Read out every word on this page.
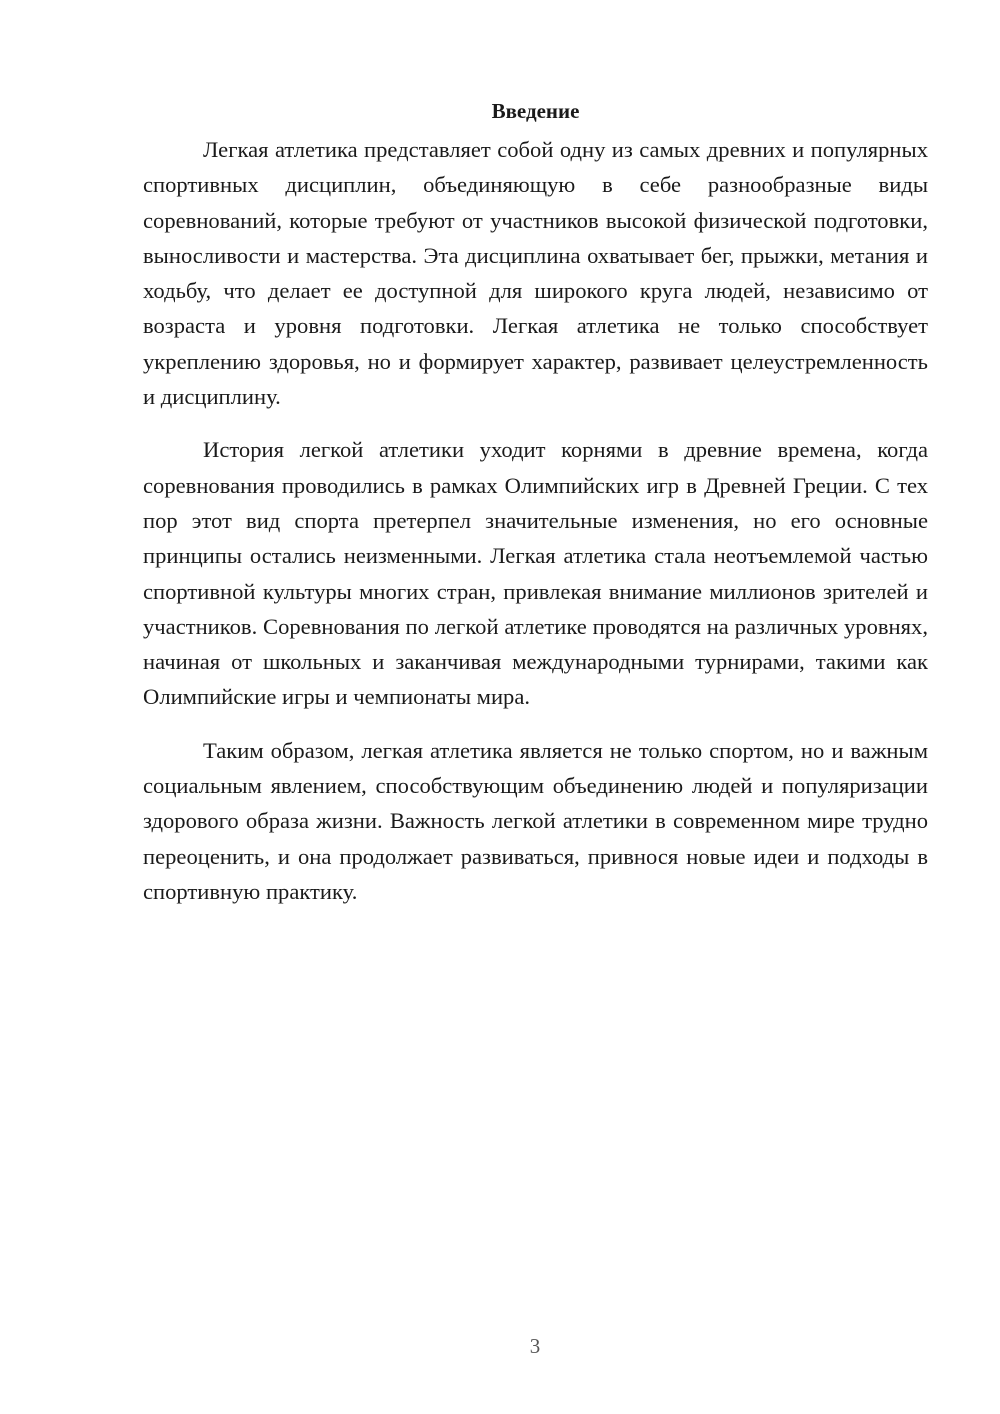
Введение

Легкая атлетика представляет собой одну из самых древних и популярных спортивных дисциплин, объединяющую в себе разнообразные виды соревнований, которые требуют от участников высокой физической подготовки, выносливости и мастерства. Эта дисциплина охватывает бег, прыжки, метания и ходьбу, что делает ее доступной для широкого круга людей, независимо от возраста и уровня подготовки. Легкая атлетика не только способствует укреплению здоровья, но и формирует характер, развивает целеустремленность и дисциплину.

История легкой атлетики уходит корнями в древние времена, когда соревнования проводились в рамках Олимпийских игр в Древней Греции. С тех пор этот вид спорта претерпел значительные изменения, но его основные принципы остались неизменными. Легкая атлетика стала неотъемлемой частью спортивной культуры многих стран, привлекая внимание миллионов зрителей и участников. Соревнования по легкой атлетике проводятся на различных уровнях, начиная от школьных и заканчивая международными турнирами, такими как Олимпийские игры и чемпионаты мира.

Таким образом, легкая атлетика является не только спортом, но и важным социальным явлением, способствующим объединению людей и популяризации здорового образа жизни. Важность легкой атлетики в современном мире трудно переоценить, и она продолжает развиваться, привнося новые идеи и подходы в спортивную практику.

3
